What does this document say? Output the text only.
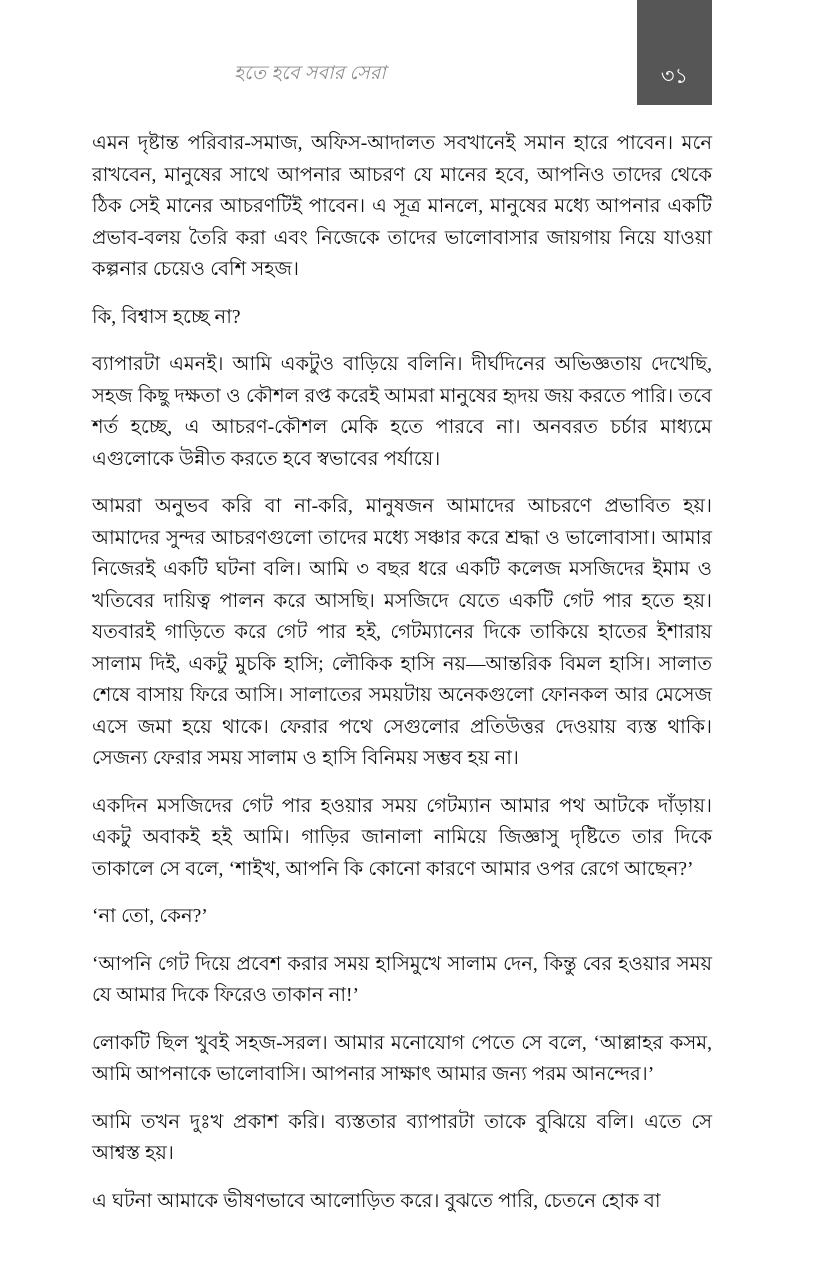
হতে হবে সবার সেরা	৩১

এমন দৃষ্টান্ত পরিবার-সমাজ, অফিস-আদালত সবখানেই সমান হারে পাবেন। মনে রাখবেন, মানুষের সাথে আপনার আচরণ যে মানের হবে, আপনিও তাদের থেকে ঠিক সেই মানের আচরণটিই পাবেন। এ সূত্র মানলে, মানুষের মধ্যে আপনার একটি প্রভাব-বলয় তৈরি করা এবং নিজেকে তাদের ভালোবাসার জায়গায় নিয়ে যাওয়া কল্পনার চেয়েও বেশি সহজ।

কি, বিশ্বাস হচ্ছে না?

ব্যাপারটা এমনই। আমি একটুও বাড়িয়ে বলিনি। দীর্ঘদিনের অভিজ্ঞতায় দেখেছি, সহজ কিছু দক্ষতা ও কৌশল রপ্ত করেই আমরা মানুষের হৃদয় জয় করতে পারি। তবে শর্ত হচ্ছে, এ আচরণ-কৌশল মেকি হতে পারবে না। অনবরত চর্চার মাধ্যমে এগুলোকে উন্নীত করতে হবে স্বভাবের পর্যায়ে।

আমরা অনুভব করি বা না-করি, মানুষজন আমাদের আচরণে প্রভাবিত হয়। আমাদের সুন্দর আচরণগুলো তাদের মধ্যে সঞ্চার করে শ্রদ্ধা ও ভালোবাসা। আমার নিজেরই একটি ঘটনা বলি। আমি ৩ বছর ধরে একটি কলেজ মসজিদের ইমাম ও খতিবের দায়িত্ব পালন করে আসছি। মসজিদে যেতে একটি গেট পার হতে হয়। যতবারই গাড়িতে করে গেট পার হই, গেটম্যানের দিকে তাকিয়ে হাতের ইশারায় সালাম দিই, একটু মুচকি হাসি; লৌকিক হাসি নয়—আন্তরিক বিমল হাসি। সালাত শেষে বাসায় ফিরে আসি। সালাতের সময়টায় অনেকগুলো ফোনকল আর মেসেজ এসে জমা হয়ে থাকে। ফেরার পথে সেগুলোর প্রতিউত্তর দেওয়ায় ব্যস্ত থাকি। সেজন্য ফেরার সময় সালাম ও হাসি বিনিময় সম্ভব হয় না।

একদিন মসজিদের গেট পার হওয়ার সময় গেটম্যান আমার পথ আটকে দাঁড়ায়। একটু অবাকই হই আমি। গাড়ির জানালা নামিয়ে জিজ্ঞাসু দৃষ্টিতে তার দিকে তাকালে সে বলে, ‘শাইখ, আপনি কি কোনো কারণে আমার ওপর রেগে আছেন?’

‘না তো, কেন?’

‘আপনি গেট দিয়ে প্রবেশ করার সময় হাসিমুখে সালাম দেন, কিন্তু বের হওয়ার সময় যে আমার দিকে ফিরেও তাকান না!’

লোকটি ছিল খুবই সহজ-সরল। আমার মনোযোগ পেতে সে বলে, ‘আল্লাহর কসম, আমি আপনাকে ভালোবাসি। আপনার সাক্ষাৎ আমার জন্য পরম আনন্দের।’

আমি তখন দুঃখ প্রকাশ করি। ব্যস্ততার ব্যাপারটা তাকে বুঝিয়ে বলি। এতে সে আশ্বস্ত হয়।

এ ঘটনা আমাকে ভীষণভাবে আলোড়িত করে। বুঝতে পারি, চেতনে হোক বা
